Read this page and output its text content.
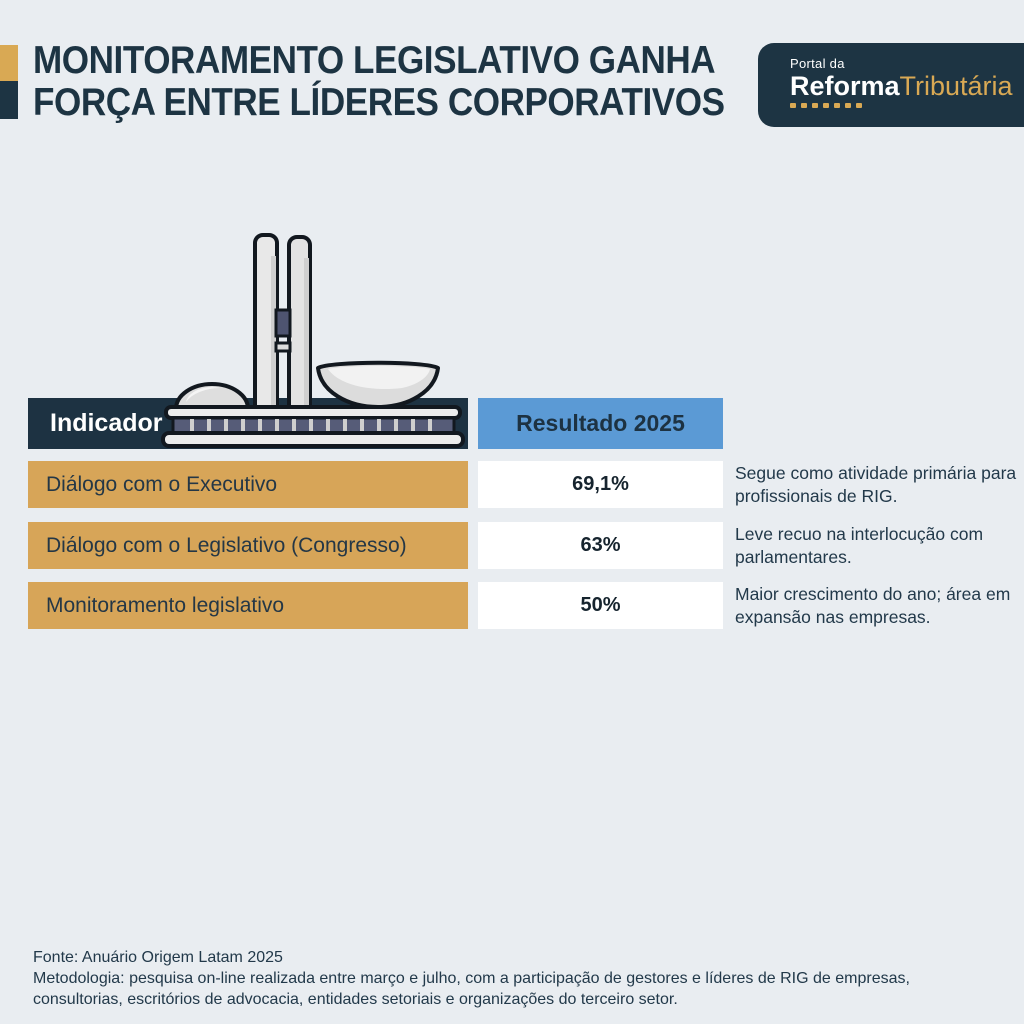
MONITORAMENTO LEGISLATIVO GANHA
FORÇA ENTRE LÍDERES CORPORATIVOS
Portal da
ReformaTributária
Indicador	Resultado 2025
Diálogo com o Executivo	69,1%
Segue como atividade primária para profissionais de RIG.
Diálogo com o Legislativo (Congresso)	63%
Leve recuo na interlocução com parlamentares.
Monitoramento legislativo	50%
Maior crescimento do ano; área em expansão nas empresas.
Fonte: Anuário Origem Latam 2025
Metodologia: pesquisa on-line realizada entre março e julho, com a participação de gestores e líderes de RIG de empresas, consultorias, escritórios de advocacia, entidades setoriais e organizações do terceiro setor.
